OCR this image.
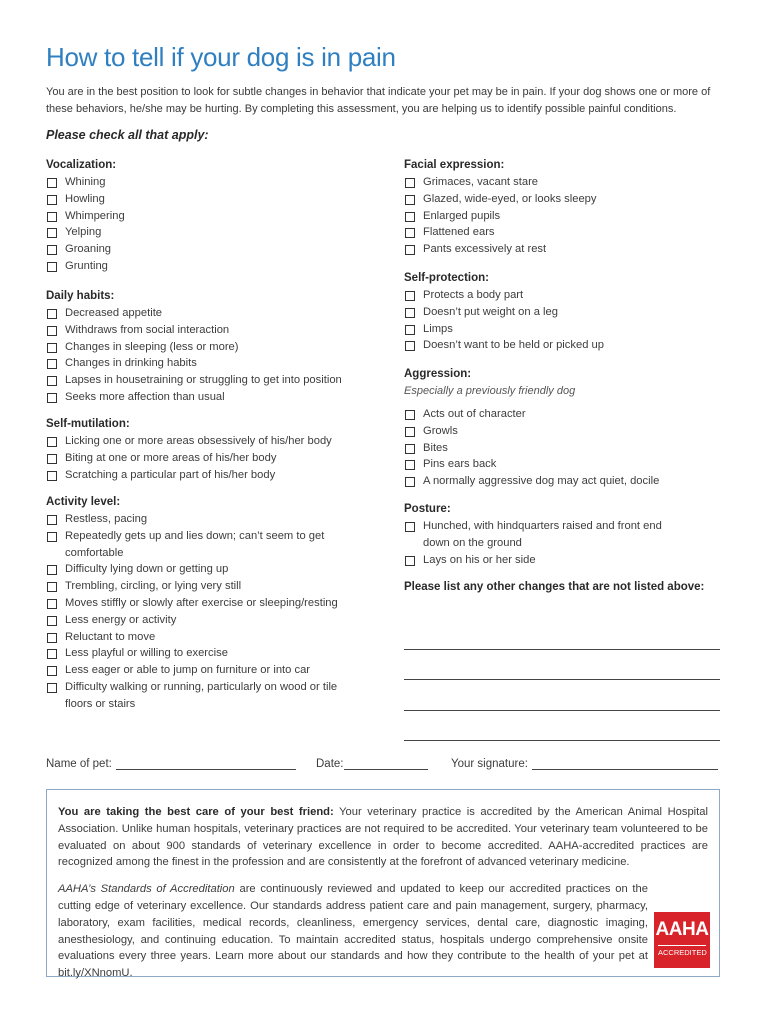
How to tell if your dog is in pain

You are in the best position to look for subtle changes in behavior that indicate your pet may be in pain. If your dog shows one or more of these behaviors, he/she may be hurting. By completing this assessment, you are helping us to identify possible painful conditions.

Please check all that apply:

Vocalization:
Whining
Howling
Whimpering
Yelping
Groaning
Grunting
Daily habits:
Decreased appetite
Withdraws from social interaction
Changes in sleeping (less or more)
Changes in drinking habits
Lapses in housetraining or struggling to get into position
Seeks more affection than usual
Self-mutilation:
Licking one or more areas obsessively of his/her body
Biting at one or more areas of his/her body
Scratching a particular part of his/her body
Activity level:
Restless, pacing
Repeatedly gets up and lies down; can’t seem to get comfortable
Difficulty lying down or getting up
Trembling, circling, or lying very still
Moves stiffly or slowly after exercise or sleeping/resting
Less energy or activity
Reluctant to move
Less playful or willing to exercise
Less eager or able to jump on furniture or into car
Difficulty walking or running, particularly on wood or tile floors or stairs
Facial expression:
Grimaces, vacant stare
Glazed, wide-eyed, or looks sleepy
Enlarged pupils
Flattened ears
Pants excessively at rest
Self-protection:
Protects a body part
Doesn’t put weight on a leg
Limps
Doesn’t want to be held or picked up
Aggression:
Especially a previously friendly dog
Acts out of character
Growls
Bites
Pins ears back
A normally aggressive dog may act quiet, docile
Posture:
Hunched, with hindquarters raised and front end down on the ground
Lays on his or her side
Please list any other changes that are not listed above:
Name of pet:	Date:	Your signature:

You are taking the best care of your best friend: Your veterinary practice is accredited by the American Animal Hospital Association. Unlike human hospitals, veterinary practices are not required to be accredited. Your veterinary team volunteered to be evaluated on about 900 standards of veterinary excellence in order to become accredited. AAHA-accredited practices are recognized among the finest in the profession and are consistently at the forefront of advanced veterinary medicine.

AAHA’s Standards of Accreditation are continuously reviewed and updated to keep our accredited practices on the cutting edge of veterinary excellence. Our standards address patient care and pain management, surgery, pharmacy, laboratory, exam facilities, medical records, cleanliness, emergency services, dental care, diagnostic imaging, anesthesiology, and continuing education. To maintain accredited status, hospitals undergo comprehensive onsite evaluations every three years. Learn more about our standards and how they contribute to the health of your pet at bit.ly/XNnomU.

AAHA
ACCREDITED
